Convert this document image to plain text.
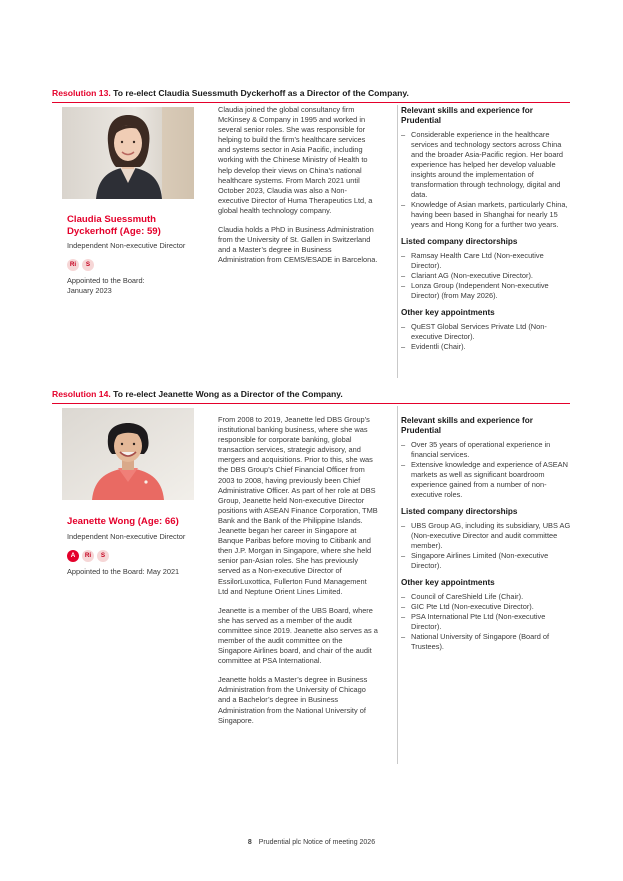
Resolution 13. To re-elect Claudia Suessmuth Dyckerhoff as a Director of the Company.
Claudia Suessmuth Dyckerhoff (Age: 59)
Independent Non-executive Director
Ri	S
Appointed to the Board:
January 2023

Claudia joined the global consultancy firm McKinsey & Company in 1995 and worked in several senior roles. She was responsible for helping to build the firm’s healthcare services and systems sector in Asia Pacific, including working with the Chinese Ministry of Health to help develop their views on China’s national healthcare systems. From March 2021 until October 2023, Claudia was also a Non-executive Director of Huma Therapeutics Ltd, a global health technology company.

Claudia holds a PhD in Business Administration from the University of St. Gallen in Switzerland and a Master’s degree in Business Administration from CEMS/ESADE in Barcelona.

Relevant skills and experience for Prudential
– Considerable experience in the healthcare services and technology sectors across China and the broader Asia-Pacific region. Her board experience has helped her develop valuable insights around the implementation of transformation through technology, digital and data.
– Knowledge of Asian markets, particularly China, having been based in Shanghai for nearly 15 years and Hong Kong for a further two years.
Listed company directorships
– Ramsay Health Care Ltd (Non-executive Director).
– Clariant AG (Non-executive Director).
– Lonza Group (Independent Non-executive Director) (from May 2026).
Other key appointments
– QuEST Global Services Private Ltd (Non-executive Director).
– Evidentli (Chair).
Resolution 14. To re-elect Jeanette Wong as a Director of the Company.
Jeanette Wong (Age: 66)
Independent Non-executive Director
A	Ri	S
Appointed to the Board: May 2021

From 2008 to 2019, Jeanette led DBS Group’s institutional banking business, where she was responsible for corporate banking, global transaction services, strategic advisory, and mergers and acquisitions. Prior to this, she was the DBS Group’s Chief Financial Officer from 2003 to 2008, having previously been Chief Administrative Officer. As part of her role at DBS Group, Jeanette held Non-executive Director positions with ASEAN Finance Corporation, TMB Bank and the Bank of the Philippine Islands. Jeanette began her career in Singapore at Banque Paribas before moving to Citibank and then J.P. Morgan in Singapore, where she held senior pan-Asian roles. She has previously served as a Non-executive Director of EssilorLuxottica, Fullerton Fund Management Ltd and Neptune Orient Lines Limited.

Jeanette is a member of the UBS Board, where she has served as a member of the audit committee since 2019. Jeanette also serves as a member of the audit committee on the Singapore Airlines board, and chair of the audit committee at PSA International.

Jeanette holds a Master’s degree in Business Administration from the University of Chicago and a Bachelor’s degree in Business Administration from the National University of Singapore.

Relevant skills and experience for Prudential
– Over 35 years of operational experience in financial services.
– Extensive knowledge and experience of ASEAN markets as well as significant boardroom experience gained from a number of non-executive roles.
Listed company directorships
– UBS Group AG, including its subsidiary, UBS AG (Non-executive Director and audit committee member).
– Singapore Airlines Limited (Non-executive Director).
Other key appointments
– Council of CareShield Life (Chair).
– GIC Pte Ltd (Non-executive Director).
– PSA International Pte Ltd (Non-executive Director).
– National University of Singapore (Board of Trustees).
8 Prudential plc Notice of meeting 2026
